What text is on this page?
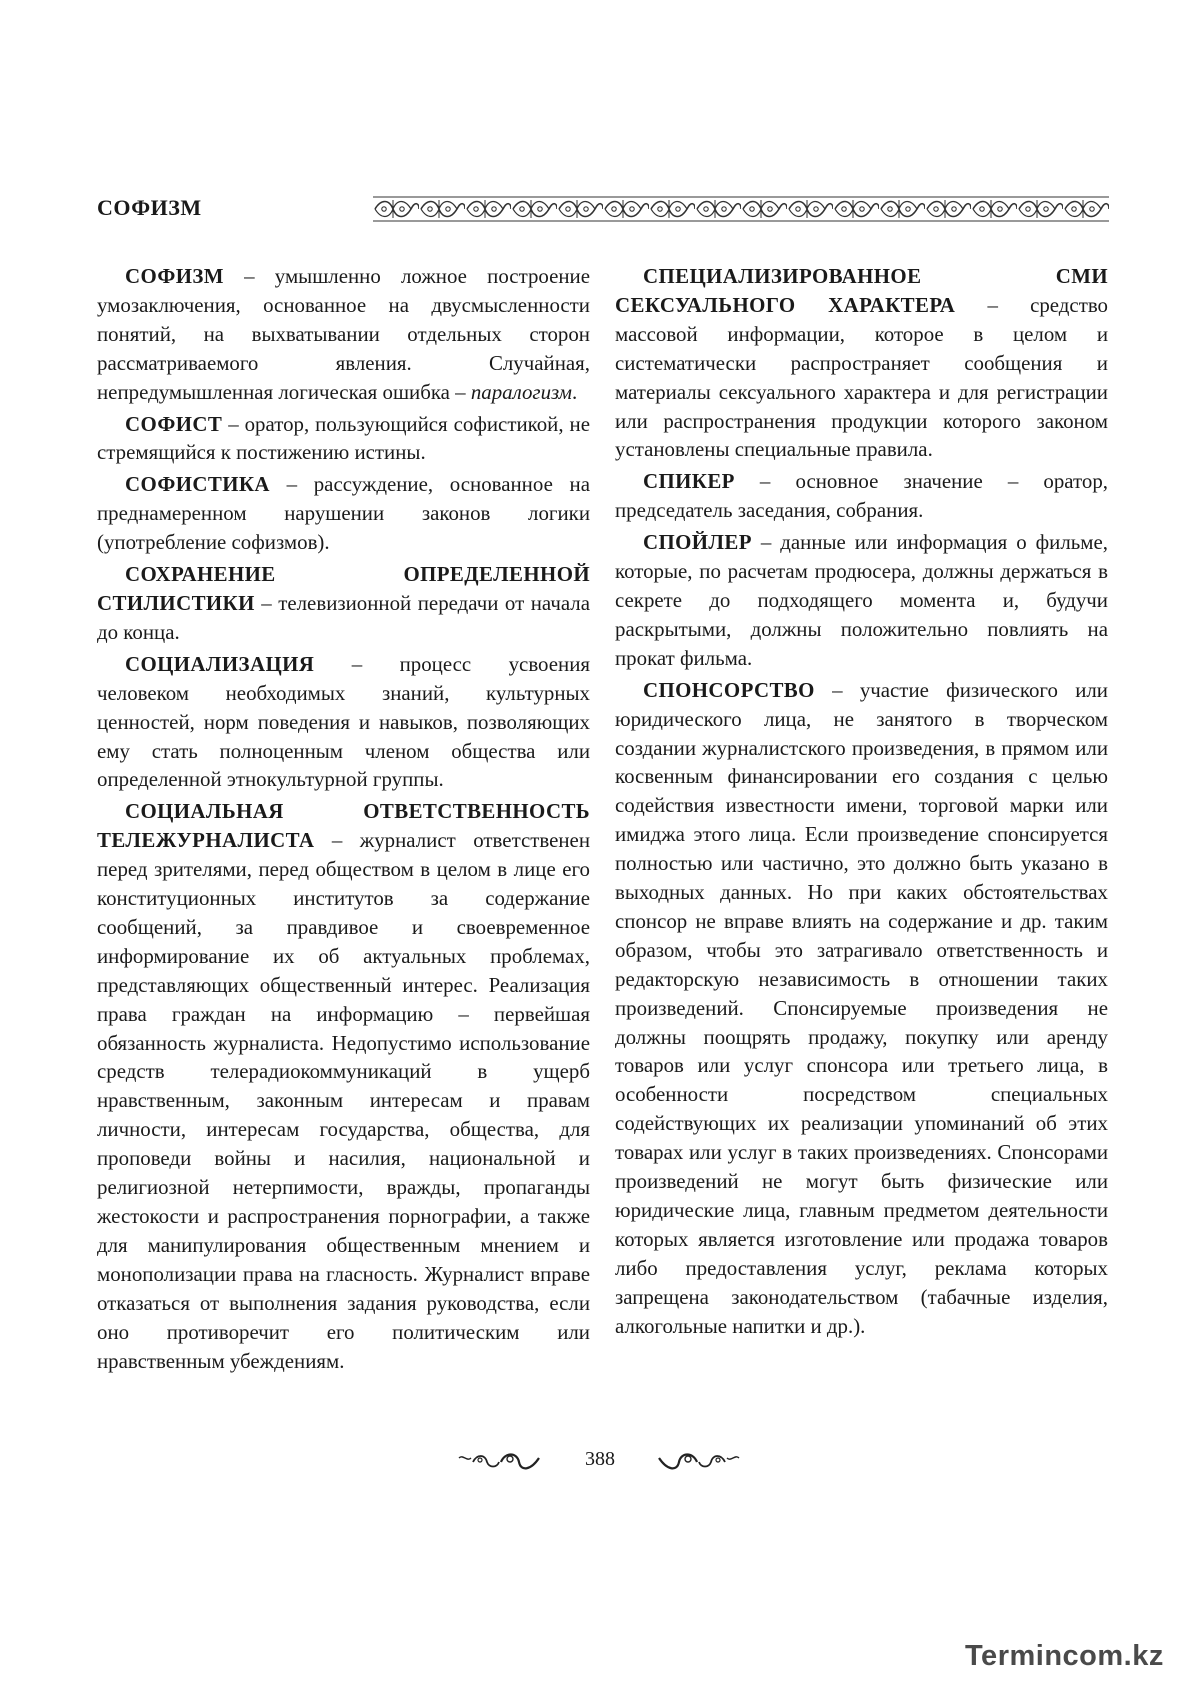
СОФИЗМ

СОФИЗМ – умышленно ложное построение умозаключения, основанное на двусмысленности понятий, на выхватывании отдельных сторон рассматриваемого явления. Случайная, непредумышленная логическая ошибка – паралогизм.

СОФИСТ – оратор, пользующийся софистикой, не стремящийся к постижению истины.

СОФИСТИКА – рассуждение, основанное на преднамеренном нарушении законов логики (употребление софизмов).

СОХРАНЕНИЕ ОПРЕДЕЛЕННОЙ СТИЛИСТИКИ – телевизионной передачи от начала до конца.

СОЦИАЛИЗАЦИЯ – процесс усвоения человеком необходимых знаний, культурных ценностей, норм поведения и навыков, позволяющих ему стать полноценным членом общества или определенной этнокультурной группы.

СОЦИАЛЬНАЯ ОТВЕТСТВЕННОСТЬ ТЕЛЕЖУРНАЛИСТА – журналист ответственен перед зрителями, перед обществом в целом в лице его конституционных институтов за содержание сообщений, за правдивое и своевременное информирование их об актуальных проблемах, представляющих общественный интерес. Реализация права граждан на информацию – первейшая обязанность журналиста. Недопустимо использование средств телерадиокоммуникаций в ущерб нравственным, законным интересам и правам личности, интересам государства, общества, для проповеди войны и насилия, национальной и религиозной нетерпимости, вражды, пропаганды жестокости и распространения порнографии, а также для манипулирования общественным мнением и монополизации права на гласность. Журналист вправе отказаться от выполнения задания руководства, если оно противоречит его политическим или нравственным убеждениям.

СПЕЦИАЛИЗИРОВАННОЕ СМИ СЕКСУАЛЬНОГО ХАРАКТЕРА – средство массовой информации, которое в целом и систематически распространяет сообщения и материалы сексуального характера и для регистрации или распространения продукции которого законом установлены специальные правила.

СПИКЕР – основное значение – оратор, председатель заседания, собрания.

СПОЙЛЕР – данные или информация о фильме, которые, по расчетам продюсера, должны держаться в секрете до подходящего момента и, будучи раскрытыми, должны положительно повлиять на прокат фильма.

СПОНСОРСТВО – участие физического или юридического лица, не занятого в творческом создании журналистского произведения, в прямом или косвенным финансировании его создания с целью содействия известности имени, торговой марки или имиджа этого лица. Если произведение спонсируется полностью или частично, это должно быть указано в выходных данных. Но при каких обстоятельствах спонсор не вправе влиять на содержание и др. таким образом, чтобы это затрагивало ответственность и редакторскую независимость в отношении таких произведений. Спонсируемые произведения не должны поощрять продажу, покупку или аренду товаров или услуг спонсора или третьего лица, в особенности посредством специальных содействующих их реализации упоминаний об этих товарах или услуг в таких произведениях. Спонсорами произведений не могут быть физические или юридические лица, главным предметом деятельности которых является изготовление или продажа товаров либо предоставления услуг, реклама которых запрещена законодательством (табачные изделия, алкогольные напитки и др.).

388
Termincom.kz
